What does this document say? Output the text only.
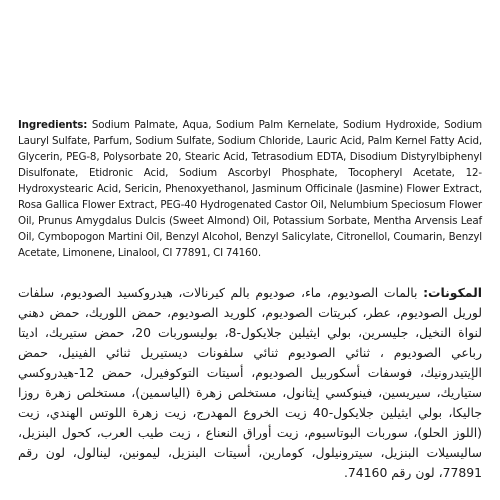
Ingredients: Sodium Palmate, Aqua, Sodium Palm Kernelate, Sodium Hydroxide, Sodium Lauryl Sulfate, Parfum, Sodium Sulfate, Sodium Chloride, Lauric Acid, Palm Kernel Fatty Acid, Glycerin, PEG-8, Polysorbate 20, Stearic Acid, Tetrasodium EDTA, Disodium Distyrylbiphenyl Disulfonate, Etidronic Acid, Sodium Ascorbyl Phosphate, Tocopheryl Acetate, 12-Hydroxystearic Acid, Sericin, Phenoxyethanol, Jasminum Officinale (Jasmine) Flower Extract, Rosa Gallica Flower Extract, PEG-40 Hydrogenated Castor Oil, Nelumbium Speciosum Flower Oil, Prunus Amygdalus Dulcis (Sweet Almond) Oil, Potassium Sorbate, Mentha Arvensis Leaf Oil, Cymbopogon Martini Oil, Benzyl Alcohol, Benzyl Salicylate, Citronellol, Coumarin, Benzyl Acetate, Limonene, Linalool, CI 77891, CI 74160.

المكونات: بالمات الصوديوم، ماء، صوديوم بالم كيرنالات، هيدروكسيد الصوديوم، سلفات لوريل الصوديوم، عطر، كبريتات الصوديوم، كلوريد الصوديوم، حمض اللوريك، حمض دهني لنواة النخيل، جليسرين، بولي ايثيلين جلايكول-8، بوليسوربات 20، حمض ستيريك، اديتا رباعي الصوديوم ، ثنائي الصوديوم ثنائي سلفونات ديستيريل ثنائي الفينيل، حمض الإيتيدرونيك، فوسفات أسكوربيل الصوديوم، أسيتات التوكوفيرل، حمض 12-هيدروكسي ستياريك، سيريسين، فينوكسي إيثانول، مستخلص زهرة (الياسمين)، مستخلص زهرة روزا جاليكا، بولي ايثيلين جلايكول-40 زيت الخروع المهدرج، زيت زهرة اللوتس الهندي، زيت (اللوز الحلو)، سوربات البوتاسيوم، زيت أوراق النعناع ، زيت طيب العرب، كحول البنزيل، ساليسيلات البنزيل، سيترونيلول، كومارين، أسيتات البنزيل، ليمونين، لينالول، لون رقم 77891، لون رقم 74160.
